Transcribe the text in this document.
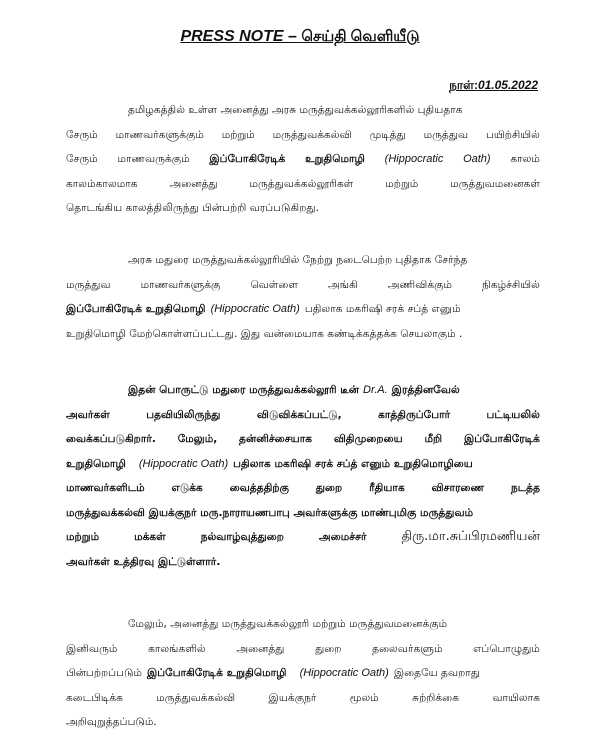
PRESS NOTE – செய்தி வெளியீடு
நாள்:01.05.2022
தமிழகத்தில் உள்ள அனைத்து அரசு மருத்துவக்கல்லூரிகளில் புதியதாக
சேரும் மாணவர்களுக்கும் மற்றும் மருத்துவக்கல்வி முடித்து மருத்துவ பயிற்சியில்
சேரும் மாணவருக்கும் இப்போகிரேடிக் உறுதிமொழி (Hippocratic Oath) காலம்
காலம்காலமாக	அனைத்து	மருத்துவக்கல்லூரிகள்	மற்றும்	மருத்துவமனைகள்
தொடங்கிய காலத்திலிருந்து பின்பற்றி வரப்படுகிறது.
அரசு மதுரை மருத்துவக்கல்லூரியில் நேற்று நடைபெற்ற புதிதாக சேர்ந்த
மருத்துவ	மாணவர்களுக்கு	வெள்ளை	அங்கி	அணிவிக்கும்	நிகழ்ச்சியில்
இப்போகிரேடிக் உறுதிமொழி (Hippocratic Oath) பதிலாக மகரிஷி சரக் சப்த் எனும்
உறுதிமொழி மேற்கொள்ளப்பட்டது. இது வன்மையாக கண்டிக்கத்தக்க செயலாகும் .
இதன் பொருட்டு மதுரை மருத்துவக்கல்லூரி டீன் Dr.A. இரத்தினவேல்
அவர்கள்	பதவியிலிருந்து	விடுவிக்கப்பட்டு,	காத்திருப்போர்	பட்டியலில்
வைக்கப்படுகிறார். மேலும், தன்னிச்சையாக விதிமுறையை மீறி இப்போகிரேடிக்
உறுதிமொழி (Hippocratic Oath) பதிலாக மகரிஷி சரக் சப்த் எனும் உறுதிமொழியை
மாணவர்களிடம்	எடுக்க	வைத்ததிற்கு	துறை	ரீதியாக	விசாரணை	நடத்த
மருத்துவக்கல்வி இயக்குநர் மரு.நாராயணபாபு அவர்களுக்கு மாண்புமிகு மருத்துவம்
மற்றும்	மக்கள்	நல்வாழ்வுத்துறை	அமைச்சர்	திரு.மா.சுப்பிரமணியன்
அவர்கள் உத்திரவு இட்டுள்ளார்.
மேலும், அனைத்து மருத்துவக்கல்லூரி மற்றும் மருத்துவமனைக்கும்
இனிவரும்	காலங்களில்	அனைத்து	துறை	தலைவர்களும்	எப்பொழுதும்
பின்பற்றப்படும் இப்போகிரேடிக் உறுதிமொழி (Hippocratic Oath) இதையே தவறாது
கடைபிடிக்க	மருத்துவக்கல்வி	இயக்குநர்	மூலம்	சுற்றிக்கை	வாயிலாக
அறிவுறுத்தப்படும்.
